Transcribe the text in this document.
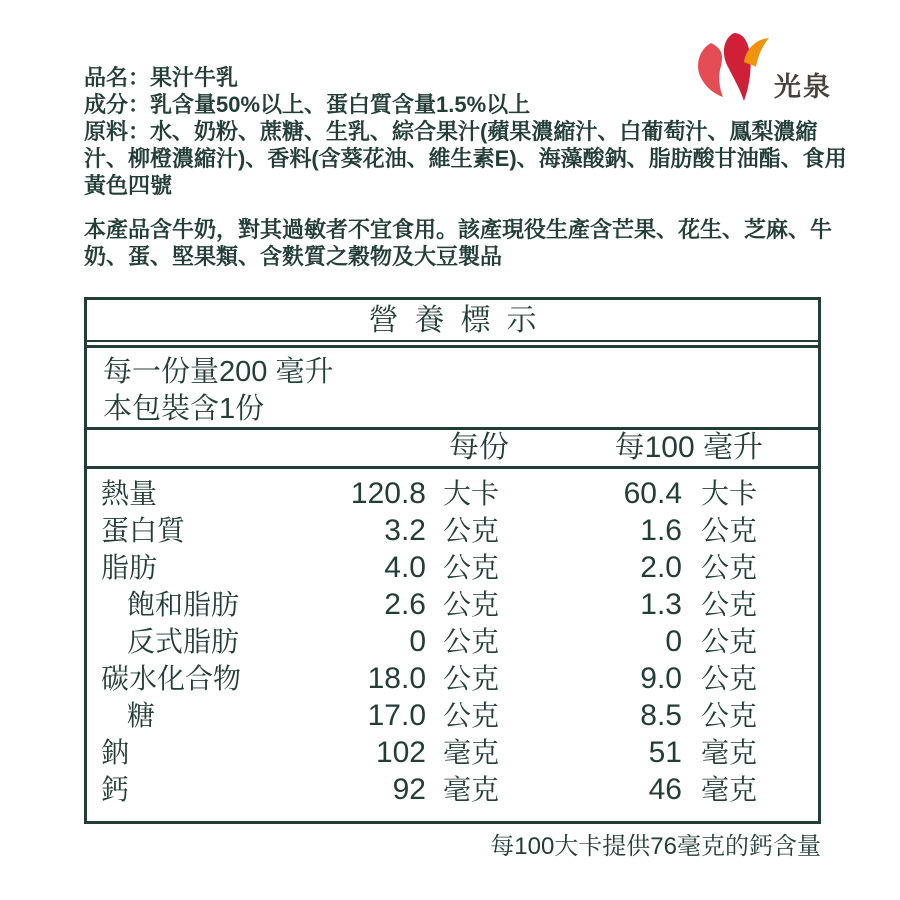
光泉

品名：果汁牛乳

成分：乳含量50%以上、蛋白質含量1.5%以上

原料：水、奶粉、蔗糖、生乳、綜合果汁(蘋果濃縮汁、白葡萄汁、鳳梨濃縮汁、柳橙濃縮汁)、香料(含葵花油、維生素E)、海藻酸鈉、脂肪酸甘油酯、食用黃色四號

本產品含牛奶，對其過敏者不宜食用。該產現役生產含芒果、花生、芝麻、牛奶、蛋、堅果類、含麩質之穀物及大豆製品
營養標示
每一份量200 毫升
本包裝含1份
每份	每100 毫升
熱量	120.8 大卡	60.4 大卡
蛋白質	3.2 公克	1.6 公克
脂肪	4.0 公克	2.0 公克
飽和脂肪	2.6 公克	1.3 公克
反式脂肪	0 公克	0 公克
碳水化合物	18.0 公克	9.0 公克
糖	17.0 公克	8.5 公克
鈉	102 毫克	51 毫克
鈣	92 毫克	46 毫克
每100大卡提供76毫克的鈣含量
